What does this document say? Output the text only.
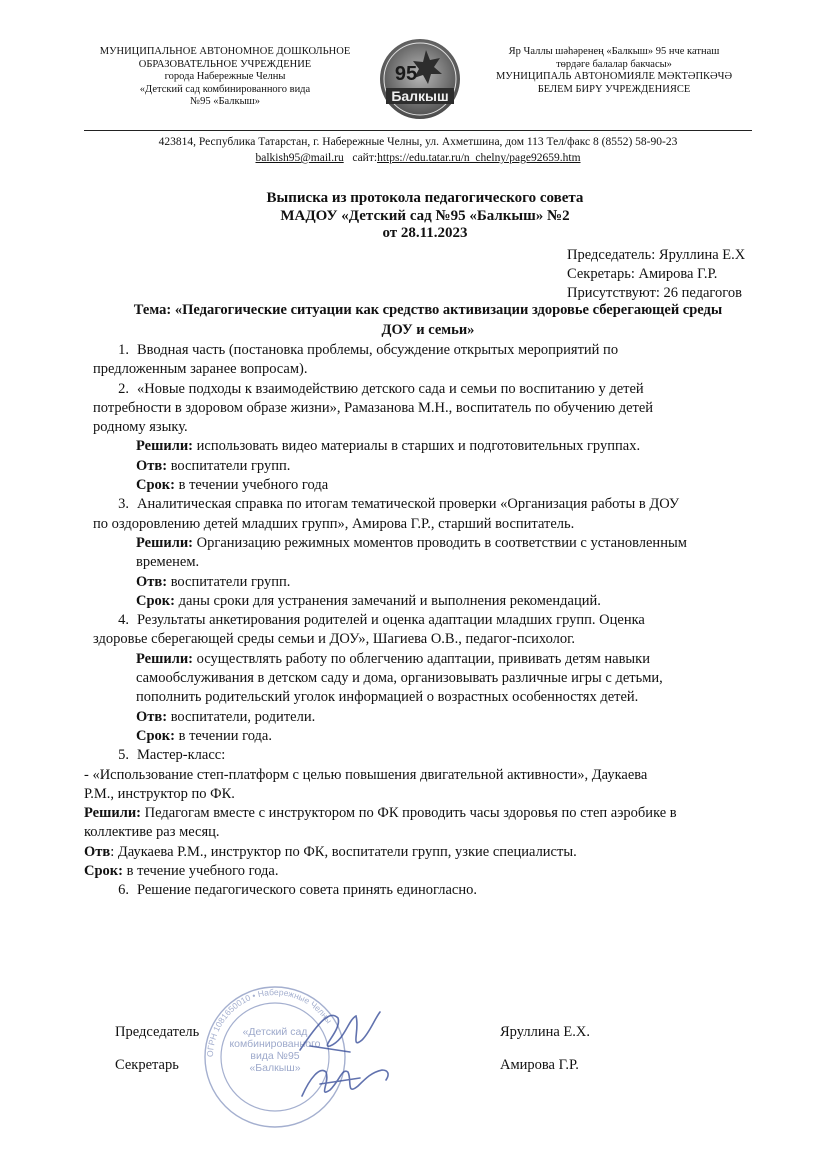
МУНИЦИПАЛЬНОЕ АВТОНОМНОЕ ДОШКОЛЬНОЕ
ОБРАЗОВАТЕЛЬНОЕ УЧРЕЖДЕНИЕ
города Набережные Челны
«Детский сад комбинированного вида
№95 «Балкыш»
95
Балкыш
Яр Чаллы шәһәренең «Балкыш» 95 нче катнаш
төрдәге балалар бакчасы»
МУНИЦИПАЛЬ АВТОНОМИЯЛЕ МӘКТӘПКӘЧӘ
БЕЛЕМ БИРҮ УЧРЕЖДЕНИЯСЕ
423814, Республика Татарстан, г. Набережные Челны, ул. Ахметшина, дом 113 Тел/факс 8 (8552) 58-90-23
balkish95@mail.ru сайт:https://edu.tatar.ru/n_chelny/page92659.htm
Выписка из протокола педагогического совета
МАДОУ «Детский сад №95 «Балкыш» №2
от 28.11.2023
Председатель: Яруллина Е.Х
Секретарь: Амирова Г.Р.
Присутствуют: 26 педагогов
Тема: «Педагогические ситуации как средство активизации здоровье сберегающей среды
ДОУ и семьи»

1. Вводная часть (постановка проблемы, обсуждение открытых мероприятий по

предложенным заранее вопросам).

2. «Новые подходы к взаимодействию детского сада и семьи по воспитанию у детей

потребности в здоровом образе жизни», Рамазанова М.Н., воспитатель по обучению детей

родному языку.

Решили: использовать видео материалы в старших и подготовительных группах.

Отв: воспитатели групп.

Срок: в течении учебного года

3. Аналитическая справка по итогам тематической проверки «Организация работы в ДОУ

по оздоровлению детей младших групп», Амирова Г.Р., старший воспитатель.

Решили: Организацию режимных моментов проводить в соответствии с установленным

временем.

Отв: воспитатели групп.

Срок: даны сроки для устранения замечаний и выполнения рекомендаций.

4. Результаты анкетирования родителей и оценка адаптации младших групп. Оценка

здоровье сберегающей среды семьи и ДОУ», Шагиева О.В., педагог-психолог.

Решили: осуществлять работу по облегчению адаптации, прививать детям навыки

самообслуживания в детском саду и дома, организовывать различные игры с детьми,

пополнить родительский уголок информацией о возрастных особенностях детей.

Отв: воспитатели, родители.

Срок: в течении года.

5. Мастер-класс:

- «Использование степ-платформ с целью повышения двигательной активности», Даукаева

Р.М., инструктор по ФК.

Решили: Педагогам вместе с инструктором по ФК проводить часы здоровья по степ аэробике в

коллективе раз месяц.

Отв: Даукаева Р.М., инструктор по ФК, воспитатели групп, узкие специалисты.

Срок: в течение учебного года.

6. Решение педагогического совета принять единогласно.

ОГРН 1081650010 • Набережные Челны
«Детский сад комбинированного вида №95 «Балкыш»
Председатель	Яруллина Е.Х.
Секретарь	Амирова Г.Р.
